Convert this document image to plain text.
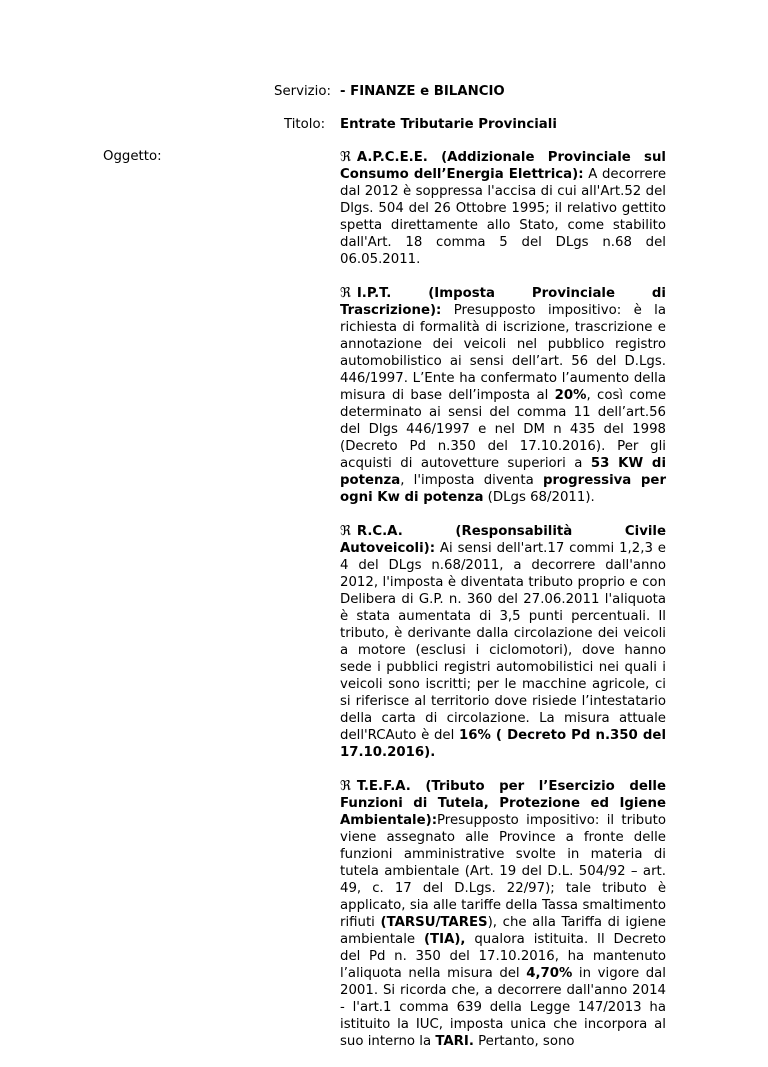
Servizio: - FINANZE e BILANCIO
Titolo: Entrate Tributarie Provinciali
Oggetto:	ℜ A.P.C.E.E. (Addizionale Provinciale sul Consumo dell’Energia Elettrica): A decorrere dal 2012 è soppressa l'accisa di cui all'Art.52 del Dlgs. 504 del 26 Ottobre 1995; il relativo gettito spetta direttamente allo Stato, come stabilito dall'Art. 18 comma 5 del DLgs n.68 del 06.05.2011.

ℜ I.P.T. (Imposta Provinciale di Trascrizione): Presupposto impositivo: è la richiesta di formalità di iscrizione, trascrizione e annotazione dei veicoli nel pubblico registro automobilistico ai sensi dell’art. 56 del D.Lgs. 446/1997. L’Ente ha confermato l’aumento della misura di base dell’imposta al 20%, così come determinato ai sensi del comma 11 dell’art.56 del Dlgs 446/1997 e nel DM n 435 del 1998 (Decreto Pd n.350 del 17.10.2016). Per gli acquisti di autovetture superiori a 53 KW di potenza, l'imposta diventa progressiva per ogni Kw di potenza (DLgs 68/2011).

ℜ R.C.A. (Responsabilità Civile Autoveicoli): Ai sensi dell'art.17 commi 1,2,3 e 4 del DLgs n.68/2011, a decorrere dall'anno 2012, l'imposta è diventata tributo proprio e con Delibera di G.P. n. 360 del 27.06.2011 l'aliquota è stata aumentata di 3,5 punti percentuali. Il tributo, è derivante dalla circolazione dei veicoli a motore (esclusi i ciclomotori), dove hanno sede i pubblici registri automobilistici nei quali i veicoli sono iscritti; per le macchine agricole, ci si riferisce al territorio dove risiede l’intestatario della carta di circolazione. La misura attuale dell'RCAuto è del 16% ( Decreto Pd n.350 del 17.10.2016).

ℜ T.E.F.A. (Tributo per l’Esercizio delle Funzioni di Tutela, Protezione ed Igiene Ambientale):Presupposto impositivo: il tributo viene assegnato alle Province a fronte delle funzioni amministrative svolte in materia di tutela ambientale (Art. 19 del D.L. 504/92 – art. 49, c. 17 del D.Lgs. 22/97); tale tributo è applicato, sia alle tariffe della Tassa smaltimento rifiuti (TARSU/TARES), che alla Tariffa di igiene ambientale (TIA), qualora istituita. Il Decreto del Pd n. 350 del 17.10.2016, ha mantenuto l’aliquota nella misura del 4,70% in vigore dal 2001. Si ricorda che, a decorrere dall'anno 2014 - l'art.1 comma 639 della Legge 147/2013 ha istituito la IUC, imposta unica che incorpora al suo interno la TARI. Pertanto, sono
